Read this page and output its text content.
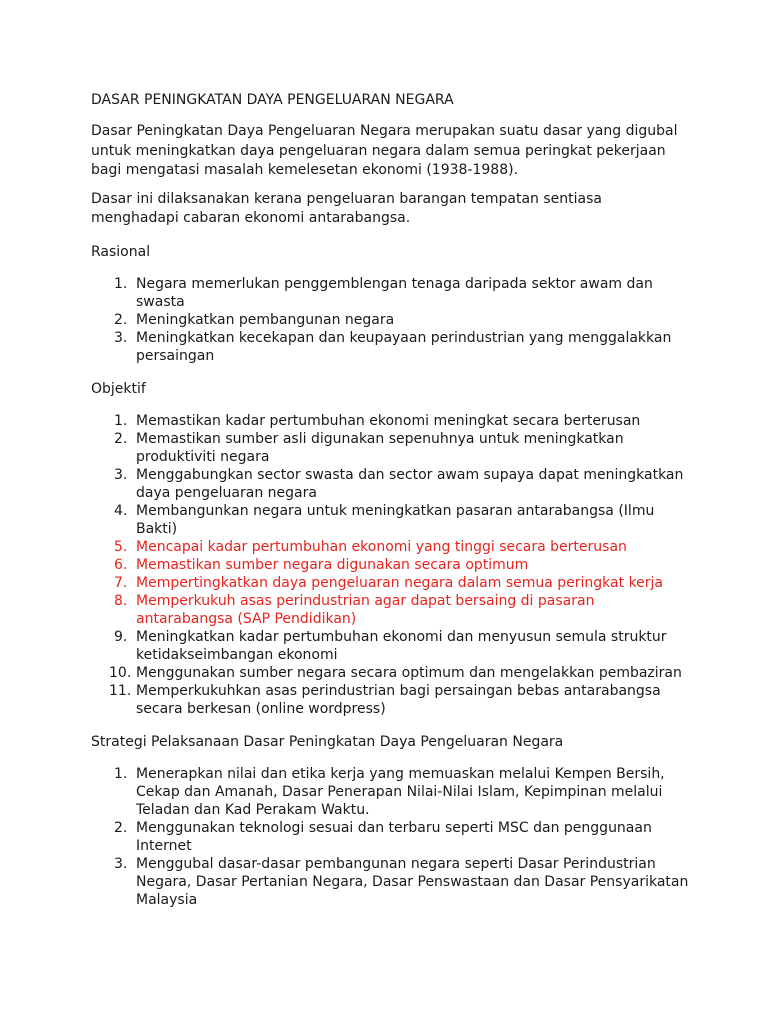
DASAR PENINGKATAN DAYA PENGELUARAN NEGARA

Dasar Peningkatan Daya Pengeluaran Negara merupakan suatu dasar yang digubal untuk meningkatkan daya pengeluaran negara dalam semua peringkat pekerjaan bagi mengatasi masalah kemelesetan ekonomi (1938-1988).

Dasar ini dilaksanakan kerana pengeluaran barangan tempatan sentiasa menghadapi cabaran ekonomi antarabangsa.

Rasional

1. Negara memerlukan penggemblengan tenaga daripada sektor awam dan swasta
2. Meningkatkan pembangunan negara
3. Meningkatkan kecekapan dan keupayaan perindustrian yang menggalakkan persaingan

Objektif

1. Memastikan kadar pertumbuhan ekonomi meningkat secara berterusan
2. Memastikan sumber asli digunakan sepenuhnya untuk meningkatkan produktiviti negara
3. Menggabungkan sector swasta dan sector awam supaya dapat meningkatkan daya pengeluaran negara
4. Membangunkan negara untuk meningkatkan pasaran antarabangsa (Ilmu Bakti)
5. Mencapai kadar pertumbuhan ekonomi yang tinggi secara berterusan
6. Memastikan sumber negara digunakan secara optimum
7. Mempertingkatkan daya pengeluaran negara dalam semua peringkat kerja
8. Memperkukuh asas perindustrian agar dapat bersaing di pasaran antarabangsa (SAP Pendidikan)
9. Meningkatkan kadar pertumbuhan ekonomi dan menyusun semula struktur ketidakseimbangan ekonomi
10. Menggunakan sumber negara secara optimum dan mengelakkan pembaziran
11. Memperkukuhkan asas perindustrian bagi persaingan bebas antarabangsa secara berkesan (online wordpress)

Strategi Pelaksanaan Dasar Peningkatan Daya Pengeluaran Negara

1. Menerapkan nilai dan etika kerja yang memuaskan melalui Kempen Bersih, Cekap dan Amanah, Dasar Penerapan Nilai-Nilai Islam, Kepimpinan melalui Teladan dan Kad Perakam Waktu.
2. Menggunakan teknologi sesuai dan terbaru seperti MSC dan penggunaan Internet
3. Menggubal dasar-dasar pembangunan negara seperti Dasar Perindustrian Negara, Dasar Pertanian Negara, Dasar Penswastaan dan Dasar Pensyarikatan Malaysia
